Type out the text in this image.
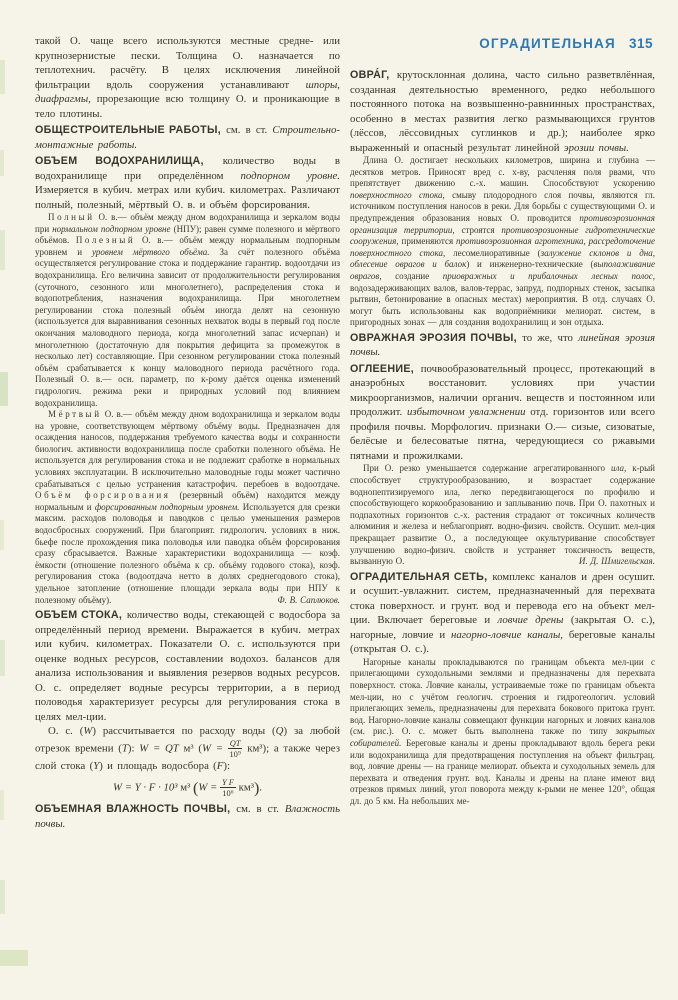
такой О. чаще всего используются местные средне- или крупнозернистые пески. Толщина О. назначается по теплотехнич. расчёту. В целях исключения линейной фильтрации вдоль сооружения устанавливают шпоры, диафрагмы, прорезающие всю толщину О. и проникающие в тело плотины.

ОБЩЕСТРОИТЕЛЬНЫЕ РАБОТЫ, см. в ст. Строительно-монтажные работы.

ОБЪЕМ ВОДОХРАНИЛИЩА, количество воды в водохранилище при определённом подпорном уровне. Измеряется в кубич. метрах или кубич. километрах. Различают полный, полезный, мёртвый О. в. и объём форсирования.

Полный О. в.— объём между дном водохранилища и зеркалом воды при нормальном подпорном уровне (НПУ); равен сумме полезного и мёртвого объёмов. Полезный О. в.— объём между нормальным подпорным уровнем и уровнем мёртвого объёма. За счёт полезного объёма осуществляется регулирование стока и поддержание гарантир. водоотдачи из водохранилища. Его величина зависит от продолжительности регулирования (суточного, сезонного или многолетнего), распределения стока и водопотребления, назначения водохранилища. При многолетнем регулировании стока полезный объём иногда делят на сезонную (используется для выравнивания сезонных нехваток воды в первый год после окончания маловодного периода, когда многолетний запас исчерпан) и многолетнюю (достаточную для покрытия дефицита за промежуток в несколько лет) составляющие. При сезонном регулировании стока полезный объём срабатывается к концу маловодного периода расчётного года. Полезный О. в.— осн. параметр, по к-рому даётся оценка изменений гидрологич. режима реки и природных условий под влиянием водохранилища.

Мёртвый О. в.— объём между дном водохранилища и зеркалом воды на уровне, соответствующем мёртвому объёму воды. Предназначен для осаждения наносов, поддержания требуемого качества воды и сохранности биологич. активности водохранилища после сработки полезного объёма. Не используется для регулирования стока и не подлежит сработке в нормальных условиях эксплуатации. В исключительно маловодные годы может частично срабатываться с целью устранения катастрофич. перебоев в водоотдаче. Объём форсирования (резервный объём) находится между нормальным и форсированным подпорным уровнем. Используется для срезки максим. расходов половодья и паводков с целью уменьшения размеров водосбросных сооружений. При благоприят. гидрологич. условиях в ниж. бьефе после прохождения пика половодья или паводка объём форсирования сразу сбрасывается. Важные характеристики водохранилища — коэф. ёмкости (отношение полезного объёма к ср. объёму годового стока), коэф. регулирования стока (водоотдача нетто в долях среднегодового стока), удельное затопление (отношение площади зеркала воды при НПУ к полезному объёму).	Ф. В. Саплюков.

ОБЪЕМ СТОКА, количество воды, стекающей с водосбора за определённый период времени. Выражается в кубич. метрах или кубич. километрах. Показатели О. с. используются при оценке водных ресурсов, составлении водохоз. балансов для анализа использования и выявления резервов водных ресурсов. О. с. определяет водные ресурсы территории, а в период половодья характеризует ресурсы для регулирования стока в целях мел-ции.

О. с. (W) рассчитывается по расходу воды (Q) за любой отрезок времени (T): W = QT м³ $(W = \frac{QT}{\text{10⁹}} км^3)$; а также через слой стока (Y) и площадь водосбора (F):

W = Y · F · 10³ м³ $(W = \frac{\text{Y F}}{\text{10⁶}} км^3)$.

ОБЪЕМНАЯ ВЛАЖНОСТЬ ПОЧВЫ, см. в ст. Влажность почвы.

ОГРАДИТЕЛЬНАЯ 315

ОВРА́Г, крутосклонная долина, часто сильно разветвлённая, созданная деятельностью временного, редко небольшого постоянного потока на возвышенно-равнинных пространствах, особенно в местах развития легко размывающихся грунтов (лёссов, лёссовидных суглинков и др.); наиболее ярко выраженный и опасный результат линейной эрозии почвы.

Длина О. достигает нескольких километров, ширина и глубина — десятков метров. Приносят вред с. х-ву, расчленяя поля рвами, что препятствует движению с.-х. машин. Способствуют ускорению поверхностного стока, смыву плодородного слоя почвы, являются гл. источником поступления наносов в реки. Для борьбы с существующими О. и предупреждения образования новых О. проводится противоэрозионная организация территории, строятся противоэрозионные гидротехнические сооружения, применяются противоэрозионная агротехника, рассредоточение поверхностного стока, лесомелиоративные (залужение склонов и дна, облесение оврагов и балок) и инженерно-технические (выполаживание оврагов, создание приовражных и прибалочных лесных полос, водозадерживающих валов, валов-террас, запруд, подпорных стенок, засыпка рытвин, бетонирование в опасных местах) мероприятия. В отд. случаях О. могут быть использованы как водоприёмники мелиорат. систем, в пригородных зонах — для создания водохранилищ и зон отдыха.

ОВРАЖНАЯ ЭРОЗИЯ ПОЧВЫ, то же, что линейная эрозия почвы.

ОГЛЕЕНИЕ, почвообразовательный процесс, протекающий в анаэробных восстановит. условиях при участии микроорганизмов, наличии органич. веществ и постоянном или продолжит. избыточном увлажнении отд. горизонтов или всего профиля почвы. Морфологич. признаки О.— сизые, сизоватые, белёсые и белесоватые пятна, чередующиеся со ржавыми пятнами и прожилками.

При О. резко уменьшается содержание агрегатированного ила, к-рый способствует структурообразованию, и возрастает содержание воднопептизируемого ила, легко передвигающегося по профилю и способствующего коркообразованию и заплыванию почв. При О. пахотных и подпахотных горизонтов с.-х. растения страдают от токсичных количеств алюминия и железа и неблагоприят. водно-физич. свойств. Осушит. мел-ция прекращает развитие О., а последующее окультуривание способствует улучшению водно-физич. свойств и устраняет токсичность веществ, вызванную О.	И. Д. Шмигельская.

ОГРАДИТЕЛЬНАЯ СЕТЬ, комплекс каналов и дрен осушит. и осушит.-увлажнит. систем, предназначенный для перехвата стока поверхност. и грунт. вод и перевода его на объект мел-ции. Включает береговые и ловчие дрены (закрытая О. с.), нагорные, ловчие и нагорно-ловчие каналы, береговые каналы (открытая О. с.).

Нагорные каналы прокладываются по границам объекта мел-ции с прилегающими суходольными землями и предназначены для перехвата поверхност. стока. Ловчие каналы, устраиваемые тоже по границам объекта мел-ции, но с учётом геологич. строения и гидрогеологич. условий прилегающих земель, предназначены для перехвата бокового притока грунт. вод. Нагорно-ловчие каналы совмещают функции нагорных и ловчих каналов (см. рис.). О. с. может быть выполнена также по типу закрытых собирателей. Береговые каналы и дрены прокладывают вдоль берега реки или водохранилища для предотвращения поступления на объект фильтрац. вод, ловчие дрены — на границе мелиорат. объекта и суходольных земель для перехвата и отведения грунт. вод. Каналы и дрены на плане имеют вид отрезков прямых линий, угол поворота между к-рыми не менее 120°, общая дл. до 5 км. На небольших ме-
